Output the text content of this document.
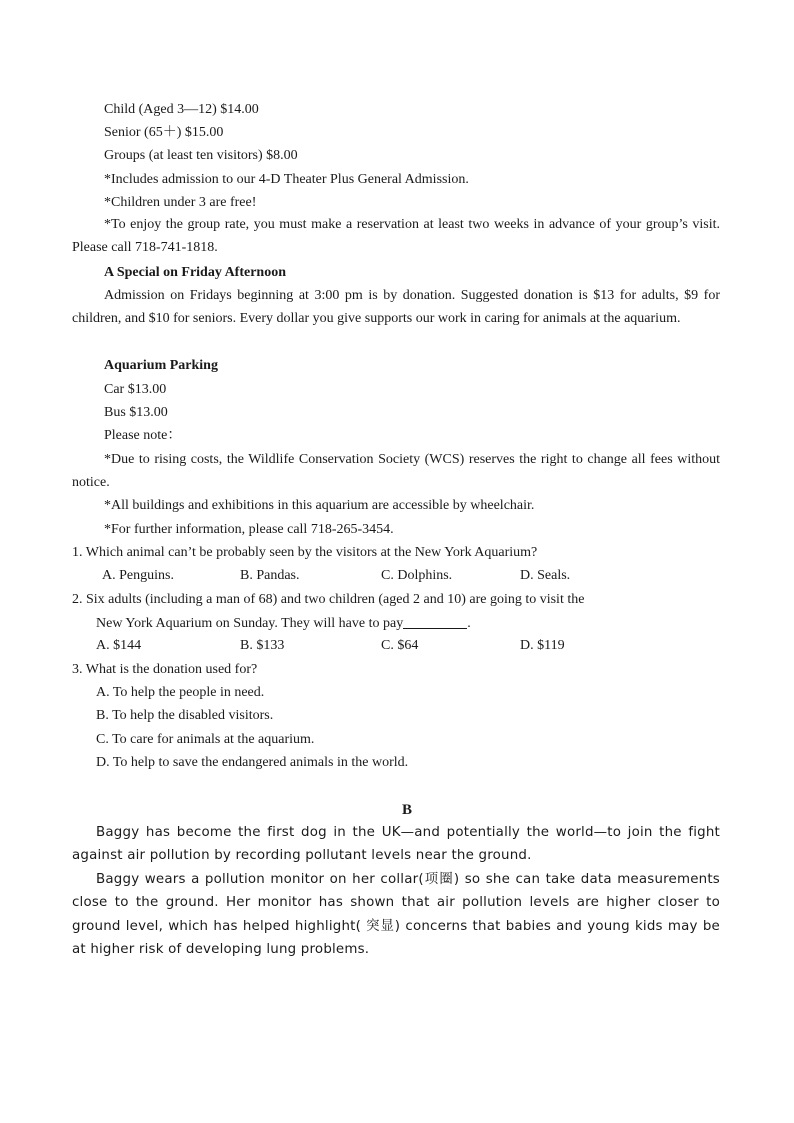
Child (Aged 3—12) $14.00
Senior (65＋) $15.00
Groups (at least ten visitors) $8.00
*Includes admission to our 4-D Theater Plus General Admission.
*Children under 3 are free!
*To enjoy the group rate, you must make a reservation at least two weeks in advance of your group’s visit. Please call 718-741-1818.
A Special on Friday Afternoon
Admission on Fridays beginning at 3:00 pm is by donation. Suggested donation is $13 for adults, $9 for children, and $10 for seniors. Every dollar you give supports our work in caring for animals at the aquarium.
Aquarium Parking
Car $13.00
Bus $13.00
Please note：
*Due to rising costs, the Wildlife Conservation Society (WCS) reserves the right to change all fees without notice.
*All buildings and exhibitions in this aquarium are accessible by wheelchair.
*For further information, please call 718-265-3454.
1. Which animal can’t be probably seen by the visitors at the New York Aquarium?
A. Penguins.	B. Pandas.	C. Dolphins.	D. Seals.
2. Six adults (including a man of 68) and two children (aged 2 and 10) are going to visit the
New York Aquarium on Sunday. They will have to pay	.
A. $144	B. $133	C. $64	D. $119
3. What is the donation used for?
A. To help the people in need.
B. To help the disabled visitors.
C. To care for animals at the aquarium.
D. To help to save the endangered animals in the world.
B
Baggy has become the first dog in the UK—and potentially the world—to join the fight against air pollution by recording pollutant levels near the ground.
Baggy wears a pollution monitor on her collar(项圈) so she can take data measurements close to the ground. Her monitor has shown that air pollution levels are higher closer to ground level, which has helped highlight( 突显) concerns that babies and young kids may be at higher risk of developing lung problems.
